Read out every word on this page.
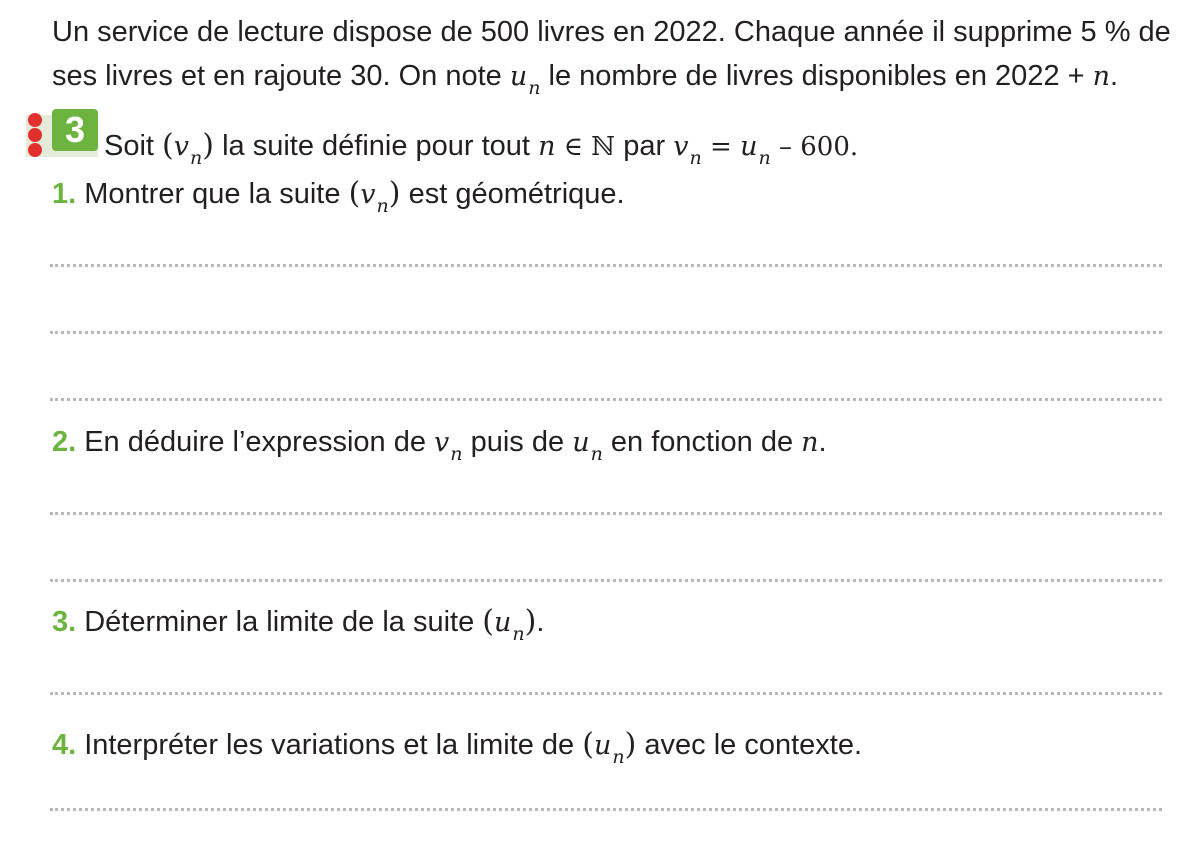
Un service de lecture dispose de 500 livres en 2022. Chaque année il supprime 5 % de
ses livres et en rajoute 30. On note $u_n$ le nombre de livres disponibles en 2022 + n.
3 Soit $(v_n)$ la suite définie pour tout n ∈ ℕ par $v_n = u_n - 600$.
1. Montrer que la suite $(v_n)$ est géométrique.
2. En déduire l’expression de $v_n$ puis de $u_n$ en fonction de n.
3. Déterminer la limite de la suite $(u_n)$.
4. Interpréter les variations et la limite de $(u_n)$ avec le contexte.
